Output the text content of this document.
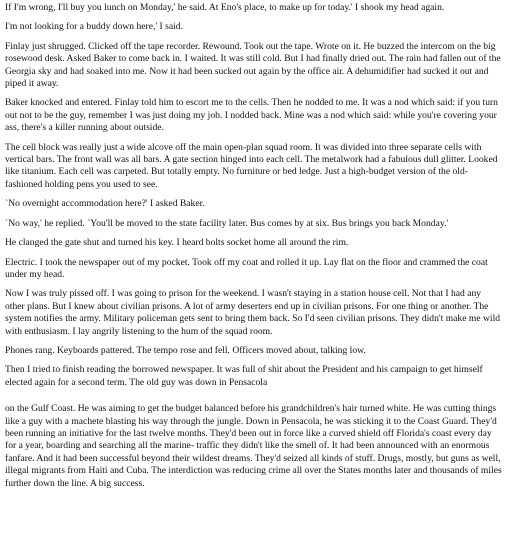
If I'm wrong, I'll buy you lunch on Monday,' he said. At Eno's place, to make up for today.' I shook my head again.

I'm not looking for a buddy down here,' I said.

Finlay just shrugged. Clicked off the tape recorder. Rewound. Took out the tape. Wrote on it. He buzzed the intercom on the big rosewood desk. Asked Baker to come back in. I waited. It was still cold. But I had finally dried out. The rain had fallen out of the Georgia sky and had soaked into me. Now it had been sucked out again by the office air. A dehumidifier had sucked it out and piped it away.

Baker knocked and entered. Finlay told him to escort me to the cells. Then he nodded to me. It was a nod which said: if you turn out not to be the guy, remember I was just doing my job. I nodded back. Mine was a nod which said: while you're covering your ass, there's a killer running about outside.

The cell block was really just a wide alcove off the main open-plan squad room. It was divided into three separate cells with vertical bars. The front wall was all bars. A gate section hinged into each cell. The metalwork had a fabulous dull glitter. Looked like titanium. Each cell was carpeted. But totally empty. No furniture or bed ledge. Just a high-budget version of the old-fashioned holding pens you used to see.

`No overnight accommodation here?' I asked Baker.

`No way,' he replied. `You'll be moved to the state facility later. Bus comes by at six. Bus brings you back Monday.'

He clanged the gate shut and turned his key. I heard bolts socket home all around the rim.

Electric. I took the newspaper out of my pocket. Took off my coat and rolled it up. Lay flat on the floor and crammed the coat under my head.

Now I was truly pissed off. I was going to prison for the weekend. I wasn't staying in a station house cell. Not that I had any other plans. But I knew about civilian prisons. A lot of army deserters end up in civilian prisons. For one thing or another. The system notifies the army. Military policeman gets sent to bring them back. So I'd seen civilian prisons. They didn't make me wild with enthusiasm. I lay angrily listening to the hum of the squad room.

Phones rang. Keyboards pattered. The tempo rose and fell. Officers moved about, talking low.

Then I tried to finish reading the borrowed newspaper. It was full of shit about the President and his campaign to get himself elected again for a second term. The old guy was down in Pensacola

on the Gulf Coast. He was aiming to get the budget balanced before his grandchildren's hair turned white. He was cutting things like a guy with a machete blasting his way through the jungle. Down in Pensacola, he was sticking it to the Coast Guard. They'd been running an initiative for the last twelve months. They'd been out in force like a curved shield off Florida's coast every day for a year, boarding and searching all the marine- traffic they didn't like the smell of. It had been announced with an enormous fanfare. And it had been successful beyond their wildest dreams. They'd seized all kinds of stuff. Drugs, mostly, but guns as well, illegal migrants from Haiti and Cuba. The interdiction was reducing crime all over the States months later and thousands of miles further down the line. A big success.
